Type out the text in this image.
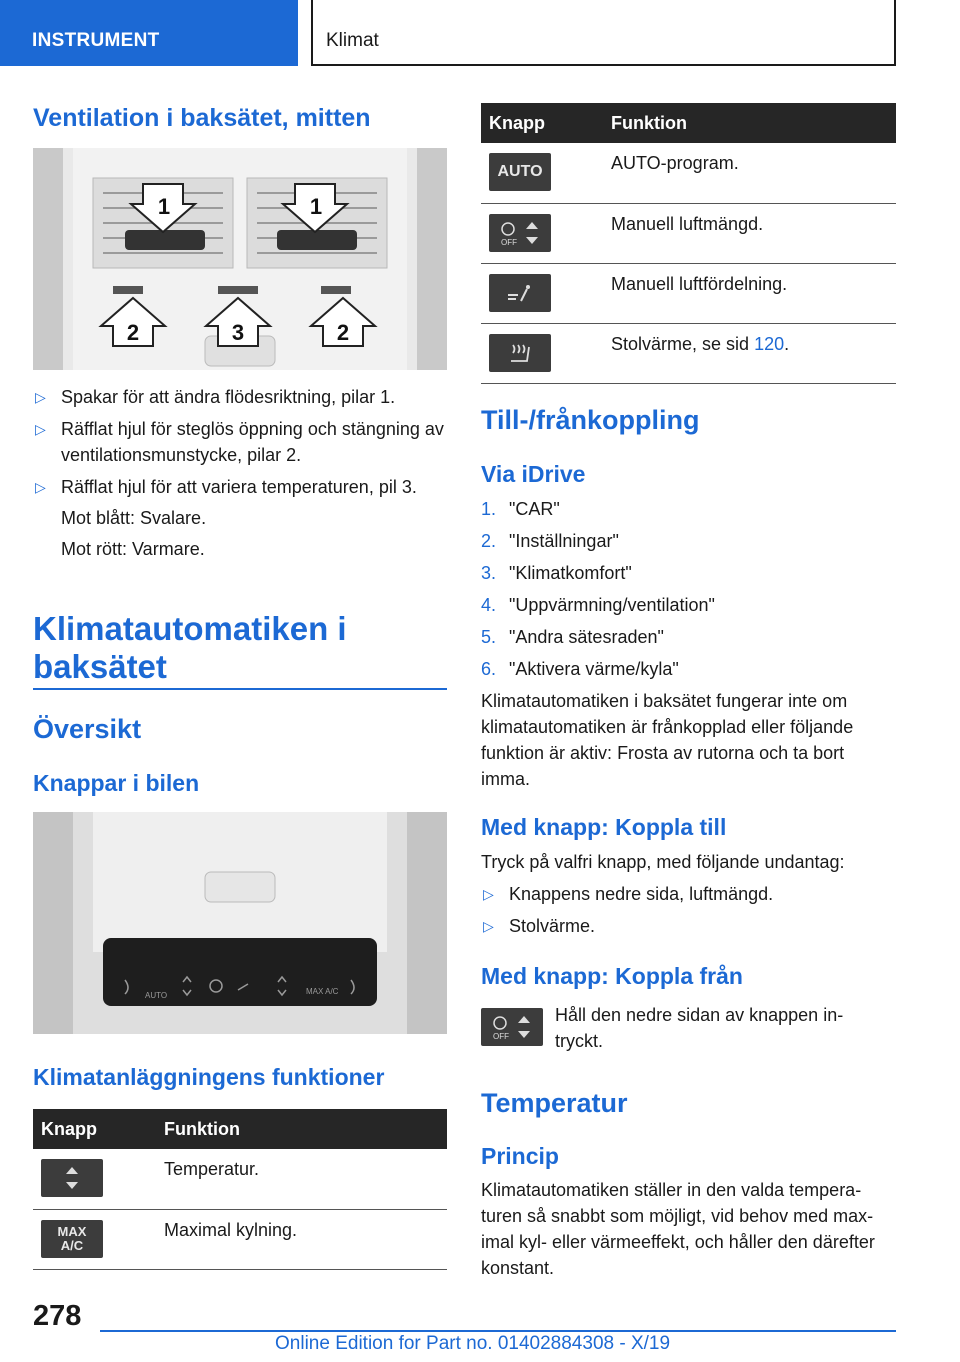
INSTRUMENT	Klimat
Ventilation i baksätet, mitten
1	1
2	3	2
▷ Spakar för att ändra flödesriktning, pilar 1.
▷ Räfflat hjul för steglös öppning och stängning av ventilationsmunstycke, pilar 2.
▷ Räfflat hjul för att variera temperaturen, pil 3.
Mot blått: Svalare.
Mot rött: Varmare.
Klimatautomatiken i baksätet
Översikt
Knappar i bilen
AUTO	MAX A/C
Klimatanläggningens funktioner
Knapp	Funktion

	Temperatur.

MAX
A/C	Maximal kylning.
Knapp	Funktion

AUTO	AUTO-program.

OFF	Manuell luftmängd.

	Manuell luftfördelning.

	Stolvärme, se sid 120.
Till-/frånkoppling
Via iDrive
1. "CAR"
2. "Inställningar"
3. "Klimatkomfort"
4. "Uppvärmning/ventilation"
5. "Andra sätesraden"
6. "Aktivera värme/kyla"
Klimatautomatiken i baksätet fungerar inte om klimatautomatiken är frånkopplad eller följande funktion är aktiv: Frosta av rutorna och ta bort imma.
Med knapp: Koppla till
Tryck på valfri knapp, med följande undantag:
▷ Knappens nedre sida, luftmängd.
▷ Stolvärme.
Med knapp: Koppla från
OFF
Håll den nedre sidan av knappen in-tryckt.
Temperatur
Princip
Klimatautomatiken ställer in den valda tempera-turen så snabbt som möjligt, vid behov med max-imal kyl- eller värmeeffekt, och håller den därefter konstant.
278
Online Edition for Part no. 01402884308 - X/19
